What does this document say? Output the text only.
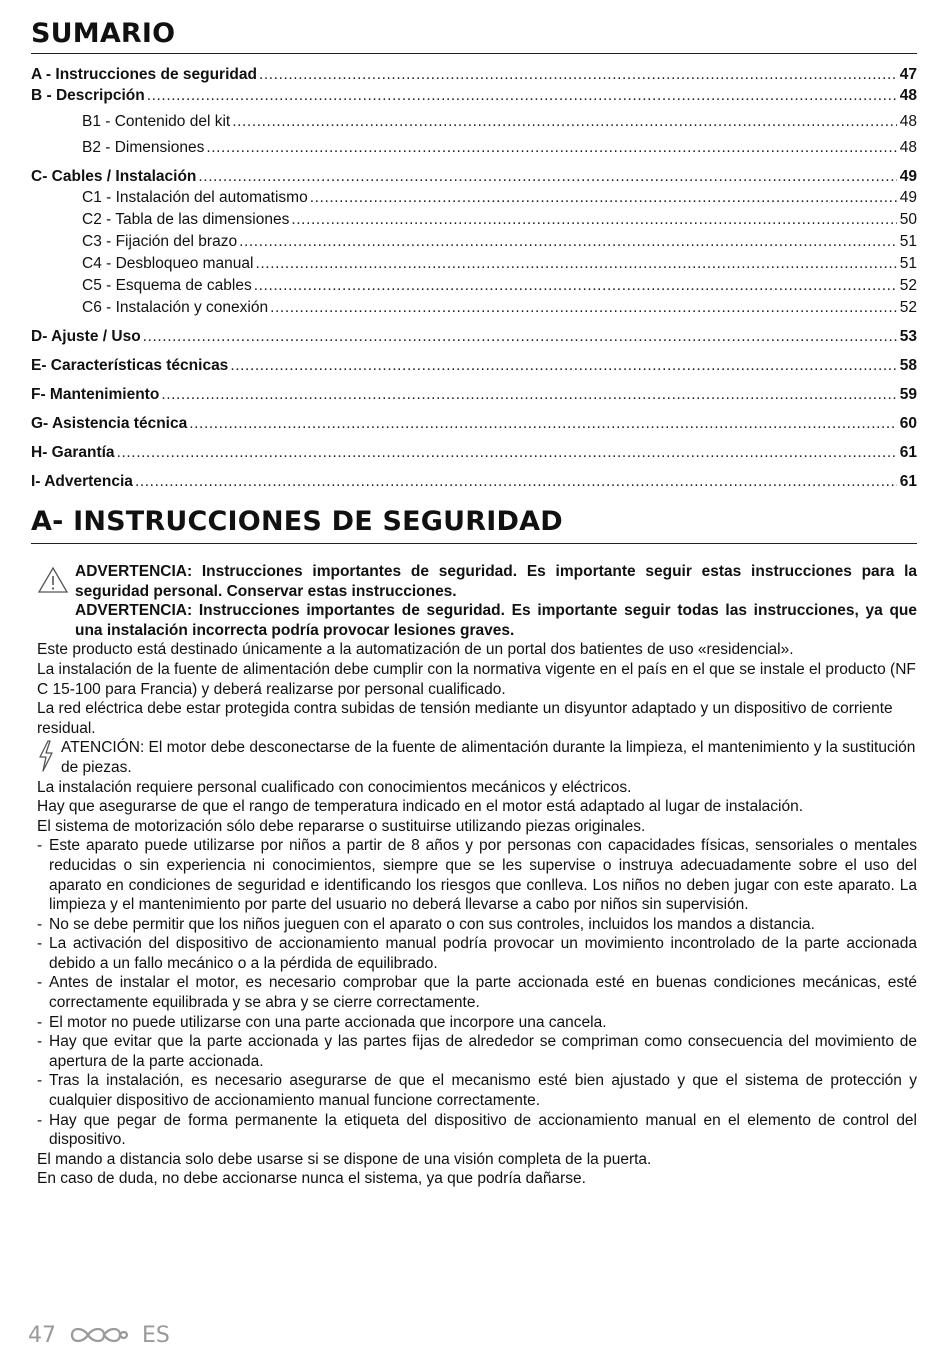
SUMARIO
A - Instrucciones de seguridad .....	47
B - Descripción .....	48
B1 - Contenido del kit .....	48
B2 - Dimensiones .....	48
C- Cables / Instalación .....	49
C1 - Instalación del automatismo .....	49
C2 - Tabla de las dimensiones .....	50
C3 - Fijación del brazo .....	51
C4 - Desbloqueo manual .....	51
C5 - Esquema de cables .....	52
C6 - Instalación y conexión .....	52
D- Ajuste / Uso .....	53
E- Características técnicas .....	58
F- Mantenimiento .....	59
G- Asistencia técnica .....	60
H- Garantía .....	61
I- Advertencia .....	61
A- INSTRUCCIONES DE SEGURIDAD

ADVERTENCIA: Instrucciones importantes de seguridad. Es importante seguir estas instrucciones para la seguridad personal. Conservar estas instrucciones.

ADVERTENCIA: Instrucciones importantes de seguridad. Es importante seguir todas las instrucciones, ya que una instalación incorrecta podría provocar lesiones graves.

Este producto está destinado únicamente a la automatización de un portal dos batientes de uso «residencial».

La instalación de la fuente de alimentación debe cumplir con la normativa vigente en el país en el que se instale el producto (NF C 15-100 para Francia) y deberá realizarse por personal cualificado.

La red eléctrica debe estar protegida contra subidas de tensión mediante un disyuntor adaptado y un dispositivo de corriente residual.

ATENCIÓN: El motor debe desconectarse de la fuente de alimentación durante la limpieza, el mantenimiento y la sustitución de piezas.

La instalación requiere personal cualificado con conocimientos mecánicos y eléctricos.

Hay que asegurarse de que el rango de temperatura indicado en el motor está adaptado al lugar de instalación.

El sistema de motorización sólo debe repararse o sustituirse utilizando piezas originales.

- Este aparato puede utilizarse por niños a partir de 8 años y por personas con capacidades físicas, sensoriales o mentales reducidas o sin experiencia ni conocimientos, siempre que se les supervise o instruya adecuadamente sobre el uso del aparato en condiciones de seguridad e identificando los riesgos que conlleva. Los niños no deben jugar con este aparato. La limpieza y el mantenimiento por parte del usuario no deberá llevarse a cabo por niños sin supervisión.
- No se debe permitir que los niños jueguen con el aparato o con sus controles, incluidos los mandos a distancia.
- La activación del dispositivo de accionamiento manual podría provocar un movimiento incontrolado de la parte accionada debido a un fallo mecánico o a la pérdida de equilibrado.
- Antes de instalar el motor, es necesario comprobar que la parte accionada esté en buenas condiciones mecánicas, esté correctamente equilibrada y se abra y se cierre correctamente.
- El motor no puede utilizarse con una parte accionada que incorpore una cancela.
- Hay que evitar que la parte accionada y las partes fijas de alrededor se compriman como consecuencia del movimiento de apertura de la parte accionada.
- Tras la instalación, es necesario asegurarse de que el mecanismo esté bien ajustado y que el sistema de protección y cualquier dispositivo de accionamiento manual funcione correctamente.
- Hay que pegar de forma permanente la etiqueta del dispositivo de accionamiento manual en el elemento de control del dispositivo.

El mando a distancia solo debe usarse si se dispone de una visión completa de la puerta.

En caso de duda, no debe accionarse nunca el sistema, ya que podría dañarse.

47	ES
